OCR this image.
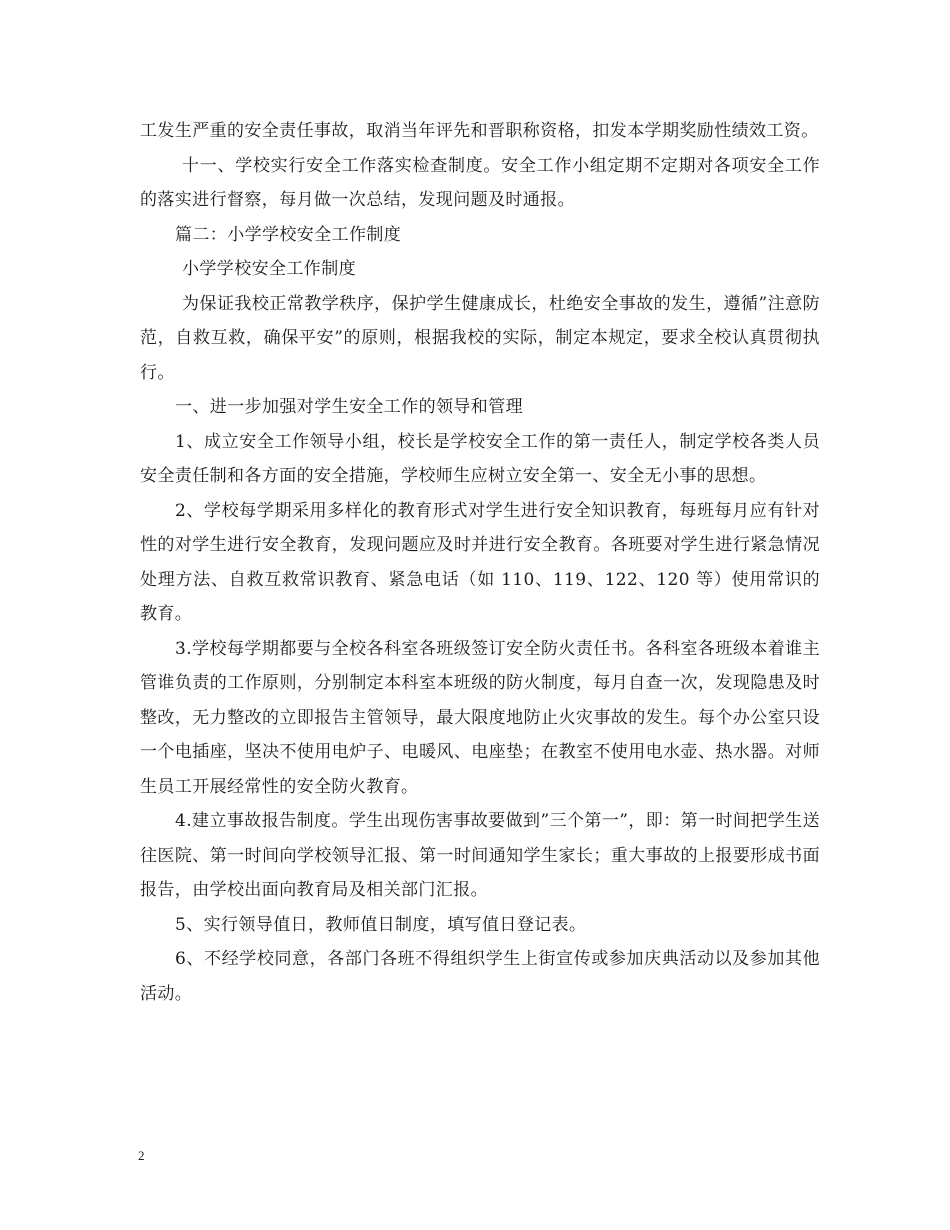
工发生严重的安全责任事故，取消当年评先和晋职称资格，扣发本学期奖励性绩效工资。

十一、学校实行安全工作落实检查制度。安全工作小组定期不定期对各项安全工作的落实进行督察，每月做一次总结，发现问题及时通报。

篇二：小学学校安全工作制度

小学学校安全工作制度

为保证我校正常教学秩序，保护学生健康成长，杜绝安全事故的发生，遵循”注意防范，自救互救，确保平安”的原则，根据我校的实际，制定本规定，要求全校认真贯彻执行。

一、进一步加强对学生安全工作的领导和管理

1、成立安全工作领导小组，校长是学校安全工作的第一责任人，制定学校各类人员安全责任制和各方面的安全措施，学校师生应树立安全第一、安全无小事的思想。

2、学校每学期采用多样化的教育形式对学生进行安全知识教育，每班每月应有针对性的对学生进行安全教育，发现问题应及时并进行安全教育。各班要对学生进行紧急情况处理方法、自救互救常识教育、紧急电话（如 110、119、122、120 等）使用常识的教育。

3.学校每学期都要与全校各科室各班级签订安全防火责任书。各科室各班级本着谁主管谁负责的工作原则，分别制定本科室本班级的防火制度，每月自查一次，发现隐患及时整改，无力整改的立即报告主管领导，最大限度地防止火灾事故的发生。每个办公室只设一个电插座，坚决不使用电炉子、电暖风、电座垫；在教室不使用电水壶、热水器。对师生员工开展经常性的安全防火教育。

4.建立事故报告制度。学生出现伤害事故要做到”三个第一”，即：第一时间把学生送往医院、第一时间向学校领导汇报、第一时间通知学生家长；重大事故的上报要形成书面报告，由学校出面向教育局及相关部门汇报。

5、实行领导值日，教师值日制度，填写值日登记表。

6、不经学校同意，各部门各班不得组织学生上街宣传或参加庆典活动以及参加其他活动。

2
